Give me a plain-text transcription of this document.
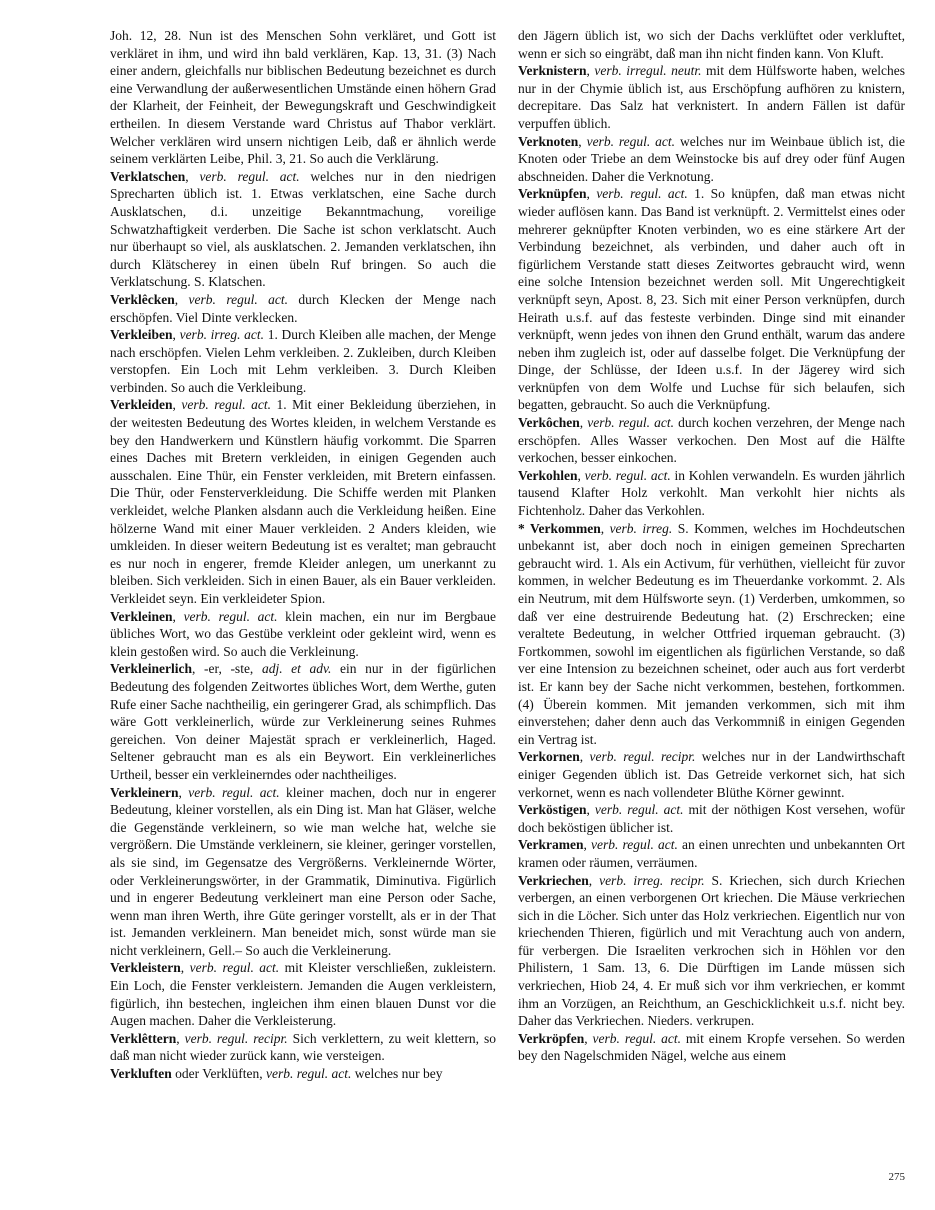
Joh. 12, 28. Nun ist des Menschen Sohn verkläret, und Gott ist verkläret in ihm, und wird ihn bald verklären, Kap. 13, 31. (3) Nach einer andern, gleichfalls nur biblischen Bedeutung bezeichnet es durch eine Verwandlung der außerwesentlichen Umstände einen höhern Grad der Klarheit, der Feinheit, der Bewegungskraft und Geschwindigkeit ertheilen. In diesem Verstande ward Christus auf Thabor verklärt. Welcher verklären wird unsern nichtigen Leib, daß er ähnlich werde seinem verklärten Leibe, Phil. 3, 21. So auch die Verklärung.

Verklatschen, verb. regul. act. welches nur in den niedrigen Sprecharten üblich ist. 1. Etwas verklatschen, eine Sache durch Ausklatschen, d.i. unzeitige Bekanntmachung, voreilige Schwatzhaftigkeit verderben. Die Sache ist schon verklatscht. Auch nur überhaupt so viel, als ausklatschen. 2. Jemanden verklatschen, ihn durch Klätscherey in einen übeln Ruf bringen. So auch die Verklatschung. S. Klatschen.

Verklêcken, verb. regul. act. durch Klecken der Menge nach erschöpfen. Viel Dinte verklecken.

Verkleiben, verb. irreg. act. 1. Durch Kleiben alle machen, der Menge nach erschöpfen. Vielen Lehm verkleiben. 2. Zukleiben, durch Kleiben verstopfen. Ein Loch mit Lehm verkleiben. 3. Durch Kleiben verbinden. So auch die Verkleibung.

Verkleiden, verb. regul. act. 1. Mit einer Bekleidung überziehen, in der weitesten Bedeutung des Wortes kleiden, in welchem Verstande es bey den Handwerkern und Künstlern häufig vorkommt. Die Sparren eines Daches mit Bretern verkleiden, in einigen Gegenden auch ausschalen. Eine Thür, ein Fenster verkleiden, mit Bretern einfassen. Die Thür, oder Fensterverkleidung. Die Schiffe werden mit Planken verkleidet, welche Planken alsdann auch die Verkleidung heißen. Eine hölzerne Wand mit einer Mauer verkleiden. 2 Anders kleiden, wie umkleiden. In dieser weitern Bedeutung ist es veraltet; man gebraucht es nur noch in engerer, fremde Kleider anlegen, um unerkannt zu bleiben. Sich verkleiden. Sich in einen Bauer, als ein Bauer verkleiden. Verkleidet seyn. Ein verkleideter Spion.

Verkleinen, verb. regul. act. klein machen, ein nur im Bergbaue übliches Wort, wo das Gestübe verkleint oder gekleint wird, wenn es klein gestoßen wird. So auch die Verkleinung.

Verkleinerlich, -er, -ste, adj. et adv. ein nur in der figürlichen Bedeutung des folgenden Zeitwortes übliches Wort, dem Werthe, guten Rufe einer Sache nachtheilig, ein geringerer Grad, als schimpflich. Das wäre Gott verkleinerlich, würde zur Verkleinerung seines Ruhmes gereichen. Von deiner Majestät sprach er verkleinerlich, Haged. Seltener gebraucht man es als ein Beywort. Ein verkleinerliches Urtheil, besser ein verkleinerndes oder nachtheiliges.

Verkleinern, verb. regul. act. kleiner machen, doch nur in engerer Bedeutung, kleiner vorstellen, als ein Ding ist. Man hat Gläser, welche die Gegenstände verkleinern, so wie man welche hat, welche sie vergrößern. Die Umstände verkleinern, sie kleiner, geringer vorstellen, als sie sind, im Gegensatze des Vergrößerns. Verkleinernde Wörter, oder Verkleinerungswörter, in der Grammatik, Diminutiva. Figürlich und in engerer Bedeutung verkleinert man eine Person oder Sache, wenn man ihren Werth, ihre Güte geringer vorstellt, als er in der That ist. Jemanden verkleinern. Man beneidet mich, sonst würde man sie nicht verkleinern, Gell.– So auch die Verkleinerung.

Verkleistern, verb. regul. act. mit Kleister verschließen, zukleistern. Ein Loch, die Fenster verkleistern. Jemanden die Augen verkleistern, figürlich, ihn bestechen, ingleichen ihm einen blauen Dunst vor die Augen machen. Daher die Verkleisterung.

Verklêttern, verb. regul. recipr. Sich verklettern, zu weit klettern, so daß man nicht wieder zurück kann, wie versteigen.

Verkluften oder Verklüften, verb. regul. act. welches nur bey

den Jägern üblich ist, wo sich der Dachs verklüftet oder verkluftet, wenn er sich so eingräbt, daß man ihn nicht finden kann. Von Kluft.

Verknistern, verb. irregul. neutr. mit dem Hülfsworte haben, welches nur in der Chymie üblich ist, aus Erschöpfung aufhören zu knistern, decrepitare. Das Salz hat verknistert. In andern Fällen ist dafür verpuffen üblich.

Verknoten, verb. regul. act. welches nur im Weinbaue üblich ist, die Knoten oder Triebe an dem Weinstocke bis auf drey oder fünf Augen abschneiden. Daher die Verknotung.

Verknüpfen, verb. regul. act. 1. So knüpfen, daß man etwas nicht wieder auflösen kann. Das Band ist verknüpft. 2. Vermittelst eines oder mehrerer geknüpfter Knoten verbinden, wo es eine stärkere Art der Verbindung bezeichnet, als verbinden, und daher auch oft in figürlichem Verstande statt dieses Zeitwortes gebraucht wird, wenn eine solche Intension bezeichnet werden soll. Mit Ungerechtigkeit verknüpft seyn, Apost. 8, 23. Sich mit einer Person verknüpfen, durch Heirath u.s.f. auf das festeste verbinden. Dinge sind mit einander verknüpft, wenn jedes von ihnen den Grund enthält, warum das andere neben ihm zugleich ist, oder auf dasselbe folget. Die Verknüpfung der Dinge, der Schlüsse, der Ideen u.s.f. In der Jägerey wird sich verknüpfen von dem Wolfe und Luchse für sich belaufen, sich begatten, gebraucht. So auch die Verknüpfung.

Verkôchen, verb. regul. act. durch kochen verzehren, der Menge nach erschöpfen. Alles Wasser verkochen. Den Most auf die Hälfte verkochen, besser einkochen.

Verkohlen, verb. regul. act. in Kohlen verwandeln. Es wurden jährlich tausend Klafter Holz verkohlt. Man verkohlt hier nichts als Fichtenholz. Daher das Verkohlen.

* Verkommen, verb. irreg. S. Kommen, welches im Hochdeutschen unbekannt ist, aber doch noch in einigen gemeinen Sprecharten gebraucht wird. 1. Als ein Activum, für verhüthen, vielleicht für zuvor kommen, in welcher Bedeutung es im Theuerdanke vorkommt. 2. Als ein Neutrum, mit dem Hülfsworte seyn. (1) Verderben, umkommen, so daß ver eine destruirende Bedeutung hat. (2) Erschrecken; eine veraltete Bedeutung, in welcher Ottfried irqueman gebraucht. (3) Fortkommen, sowohl im eigentlichen als figürlichen Verstande, so daß ver eine Intension zu bezeichnen scheinet, oder auch aus fort verderbt ist. Er kann bey der Sache nicht verkommen, bestehen, fortkommen. (4) Überein kommen. Mit jemanden verkommen, sich mit ihm einverstehen; daher denn auch das Verkommniß in einigen Gegenden ein Vertrag ist.

Verkornen, verb. regul. recipr. welches nur in der Landwirthschaft einiger Gegenden üblich ist. Das Getreide verkornet sich, hat sich verkornet, wenn es nach vollendeter Blüthe Körner gewinnt.

Verköstigen, verb. regul. act. mit der nöthigen Kost versehen, wofür doch beköstigen üblicher ist.

Verkramen, verb. regul. act. an einen unrechten und unbekannten Ort kramen oder räumen, verräumen.

Verkriechen, verb. irreg. recipr. S. Kriechen, sich durch Kriechen verbergen, an einen verborgenen Ort kriechen. Die Mäuse verkriechen sich in die Löcher. Sich unter das Holz verkriechen. Eigentlich nur von kriechenden Thieren, figürlich und mit Verachtung auch von andern, für verbergen. Die Israeliten verkrochen sich in Höhlen vor den Philistern, 1 Sam. 13, 6. Die Dürftigen im Lande müssen sich verkriechen, Hiob 24, 4. Er muß sich vor ihm verkriechen, er kommt ihm an Vorzügen, an Reichthum, an Geschicklichkeit u.s.f. nicht bey. Daher das Verkriechen. Nieders. verkrupen.

Verkröpfen, verb. regul. act. mit einem Kropfe versehen. So werden bey den Nagelschmiden Nägel, welche aus einem

275
